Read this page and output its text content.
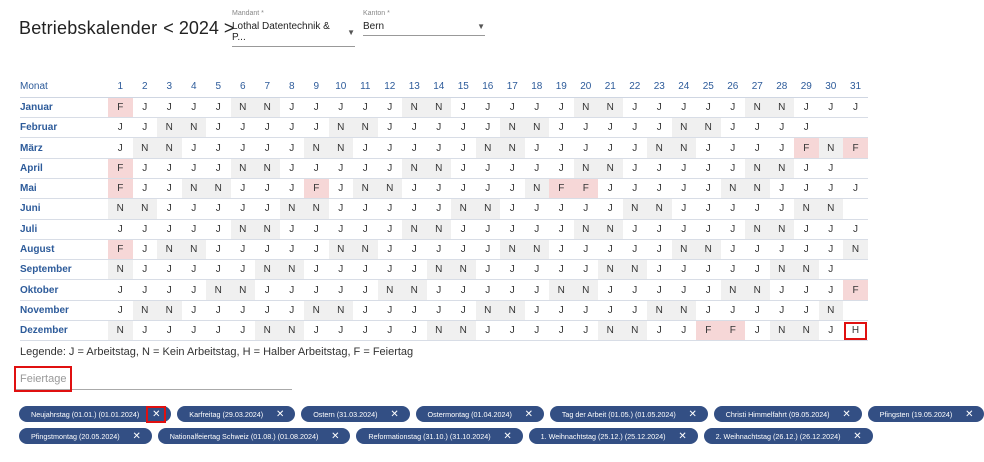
Betriebskalender < 2024 >
Mandant *
Lothal Datentechnik & P...	▼
Kanton *
Bern	▼
Monat	1	2	3	4	5	6	7	8	9	10	11	12	13	14	15	16	17	18	19	20	21	22	23	24	25	26	27	28	29	30	31
Januar	F	J	J	J	J	N	N	J	J	J	J	J	N	N	J	J	J	J	J	N	N	J	J	J	J	J	N	N	J	J	J
Februar	J	J	N	N	J	J	J	J	J	N	N	J	J	J	J	J	N	N	J	J	J	J	J	N	N	J	J	J	J		
März	J	N	N	J	J	J	J	J	N	N	J	J	J	J	J	N	N	J	J	J	J	J	N	N	J	J	J	J	F	N	F
April	F	J	J	J	J	N	N	J	J	J	J	J	N	N	J	J	J	J	J	N	N	J	J	J	J	J	N	N	J	J	
Mai	F	J	J	N	N	J	J	J	F	J	N	N	J	J	J	J	J	N	F	F	J	J	J	J	J	N	N	J	J	J	J
Juni	N	N	J	J	J	J	J	N	N	J	J	J	J	J	N	N	J	J	J	J	J	N	N	J	J	J	J	J	N	N	
Juli	J	J	J	J	J	N	N	J	J	J	J	J	N	N	J	J	J	J	J	N	N	J	J	J	J	J	N	N	J	J	J
August	F	J	N	N	J	J	J	J	J	N	N	J	J	J	J	J	N	N	J	J	J	J	J	N	N	J	J	J	J	J	N
September	N	J	J	J	J	J	N	N	J	J	J	J	J	N	N	J	J	J	J	J	N	N	J	J	J	J	J	N	N	J	
Oktober	J	J	J	J	N	N	J	J	J	J	J	N	N	J	J	J	J	J	N	N	J	J	J	J	J	N	N	J	J	J	F
November	J	N	N	J	J	J	J	J	N	N	J	J	J	J	J	N	N	J	J	J	J	J	N	N	J	J	J	J	J	N	
Dezember	N	J	J	J	J	J	N	N	J	J	J	J	J	N	N	J	J	J	J	J	N	N	J	J	F	F	J	N	N	J	H
Legende: J = Arbeitstag, N = Kein Arbeitstag, H = Halber Arbeitstag, F = Feiertag
Feiertage
Neujahrstag (01.01.) (01.01.2024) ✕	Karfreitag (29.03.2024) ✕	Ostern (31.03.2024) ✕	Ostermontag (01.04.2024) ✕	Tag der Arbeit (01.05.) (01.05.2024) ✕	Christi Himmelfahrt (09.05.2024) ✕	Pfingsten (19.05.2024) ✕
Pfingstmontag (20.05.2024) ✕	Nationalfeiertag Schweiz (01.08.) (01.08.2024) ✕	Reformationstag (31.10.) (31.10.2024) ✕	1. Weihnachtstag (25.12.) (25.12.2024) ✕	2. Weihnachtstag (26.12.) (26.12.2024) ✕
